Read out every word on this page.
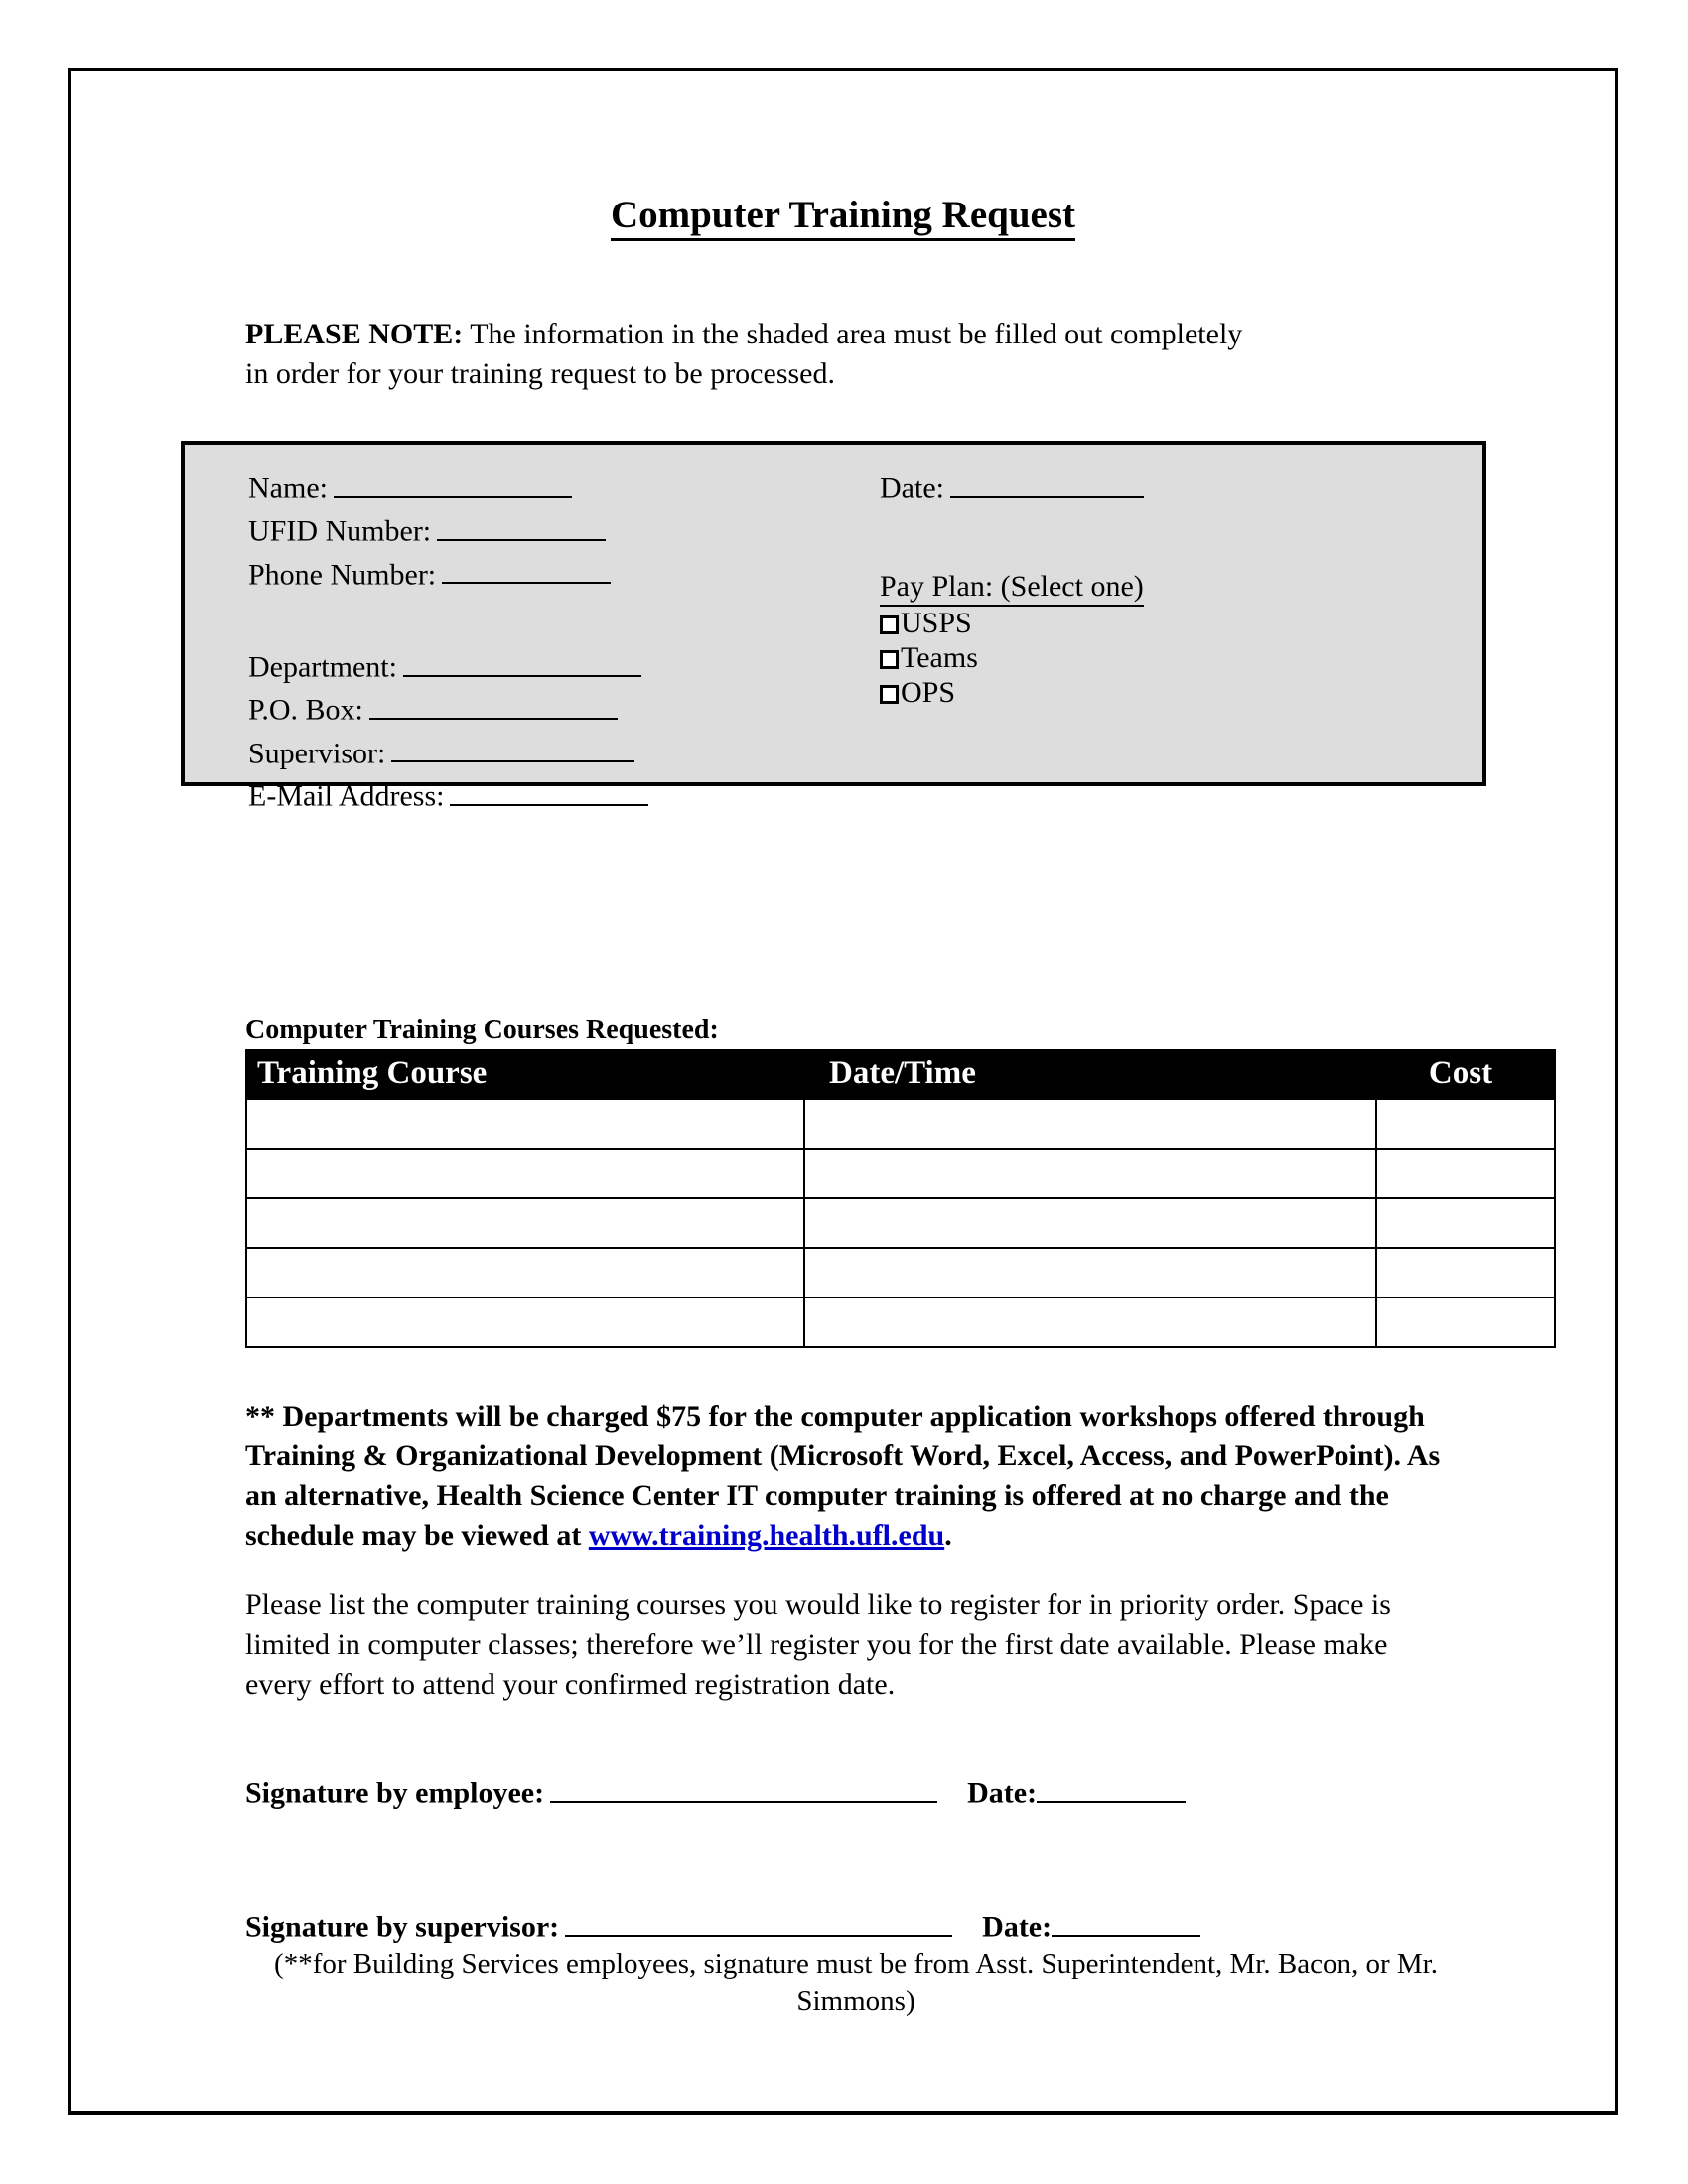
Computer Training Request

PLEASE NOTE: The information in the shaded area must be filled out completely in order for your training request to be processed.

Name:
UFID Number:
Phone Number:
Department:
P.O. Box:
Supervisor:
E-Mail Address:
Date:
Pay Plan: (Select one)
USPS
Teams
OPS
Computer Training Courses Requested:
Training Course	Date/Time	Cost

** Departments will be charged $75 for the computer application workshops offered through Training & Organizational Development (Microsoft Word, Excel, Access, and PowerPoint). As an alternative, Health Science Center IT computer training is offered at no charge and the schedule may be viewed at www.training.health.ufl.edu.

Please list the computer training courses you would like to register for in priority order. Space is limited in computer classes; therefore we’ll register you for the first date available. Please make every effort to attend your confirmed registration date.

Signature by employee:	Date:
Signature by supervisor:	Date:
(**for Building Services employees, signature must be from Asst. Superintendent, Mr. Bacon, or Mr. Simmons)
